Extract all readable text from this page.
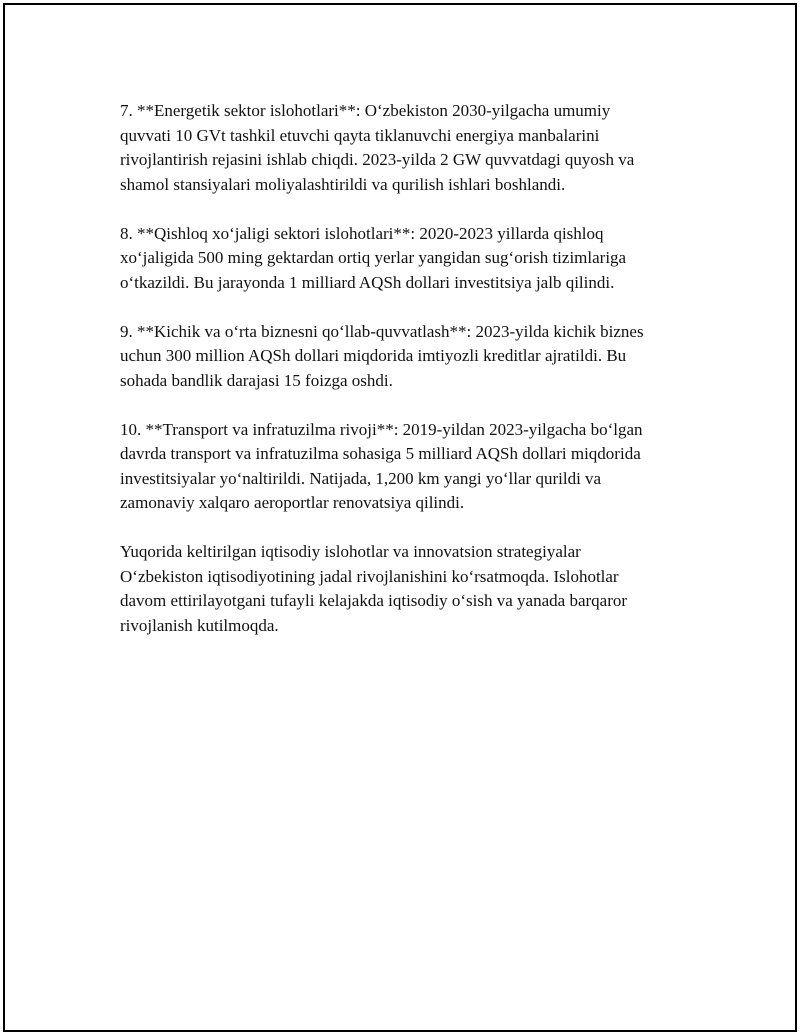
7. **Energetik sektor islohotlari**: O‘zbekiston 2030-yilgacha umumiy
quvvati 10 GVt tashkil etuvchi qayta tiklanuvchi energiya manbalarini
rivojlantirish rejasini ishlab chiqdi. 2023-yilda 2 GW quvvatdagi quyosh va
shamol stansiyalari moliyalashtirildi va qurilish ishlari boshlandi.

8. **Qishloq xo‘jaligi sektori islohotlari**: 2020-2023 yillarda qishloq
xo‘jaligida 500 ming gektardan ortiq yerlar yangidan sug‘orish tizimlariga
o‘tkazildi. Bu jarayonda 1 milliard AQSh dollari investitsiya jalb qilindi.

9. **Kichik va o‘rta biznesni qo‘llab-quvvatlash**: 2023-yilda kichik biznes
uchun 300 million AQSh dollari miqdorida imtiyozli kreditlar ajratildi. Bu
sohada bandlik darajasi 15 foizga oshdi.

10. **Transport va infratuzilma rivoji**: 2019-yildan 2023-yilgacha bo‘lgan
davrda transport va infratuzilma sohasiga 5 milliard AQSh dollari miqdorida
investitsiyalar yo‘naltirildi. Natijada, 1,200 km yangi yo‘llar qurildi va
zamonaviy xalqaro aeroportlar renovatsiya qilindi.

Yuqorida keltirilgan iqtisodiy islohotlar va innovatsion strategiyalar
O‘zbekiston iqtisodiyotining jadal rivojlanishini ko‘rsatmoqda. Islohotlar
davom ettirilayotgani tufayli kelajakda iqtisodiy o‘sish va yanada barqaror
rivojlanish kutilmoqda.
